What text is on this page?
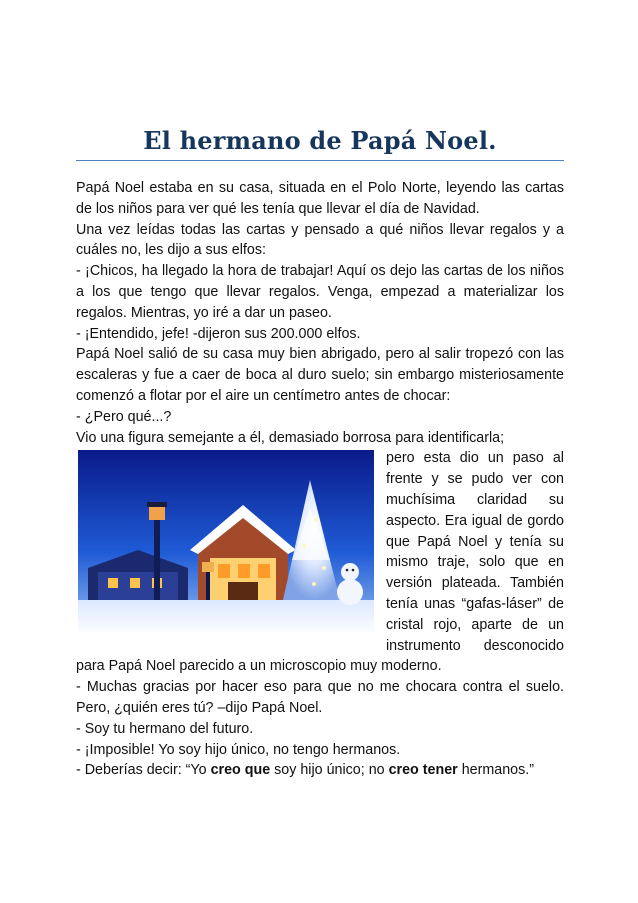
El hermano de Papá Noel.

Papá Noel estaba en su casa, situada en el Polo Norte, leyendo las cartas de los niños para ver qué les tenía que llevar el día de Navidad.

Una vez leídas todas las cartas y pensado a qué niños llevar regalos y a cuáles no, les dijo a sus elfos:

- ¡Chicos, ha llegado la hora de trabajar! Aquí os dejo las cartas de los niños a los que tengo que llevar regalos. Venga, empezad a materializar los regalos. Mientras, yo iré a dar un paseo.

- ¡Entendido, jefe! -dijeron sus 200.000 elfos.

Papá Noel salió de su casa muy bien abrigado, pero al salir tropezó con las escaleras y fue a caer de boca al duro suelo; sin embargo misteriosamente comenzó a flotar por el aire un centímetro antes de chocar:

- ¿Pero qué...?

Vio una figura semejante a él, demasiado borrosa para identificarla;

pero esta dio un paso al frente y se pudo ver con muchísima claridad su aspecto. Era igual de gordo que Papá Noel y tenía su mismo traje, solo que en versión plateada. También tenía unas “gafas-láser” de cristal rojo, aparte de un instrumento desconocido para Papá Noel parecido a un microscopio muy moderno.

- Muchas gracias por hacer eso para que no me chocara contra el suelo. Pero, ¿quién eres tú? –dijo Papá Noel.

- Soy tu hermano del futuro.

- ¡Imposible! Yo soy hijo único, no tengo hermanos.

- Deberías decir: “Yo creo que soy hijo único; no creo tener hermanos.”
